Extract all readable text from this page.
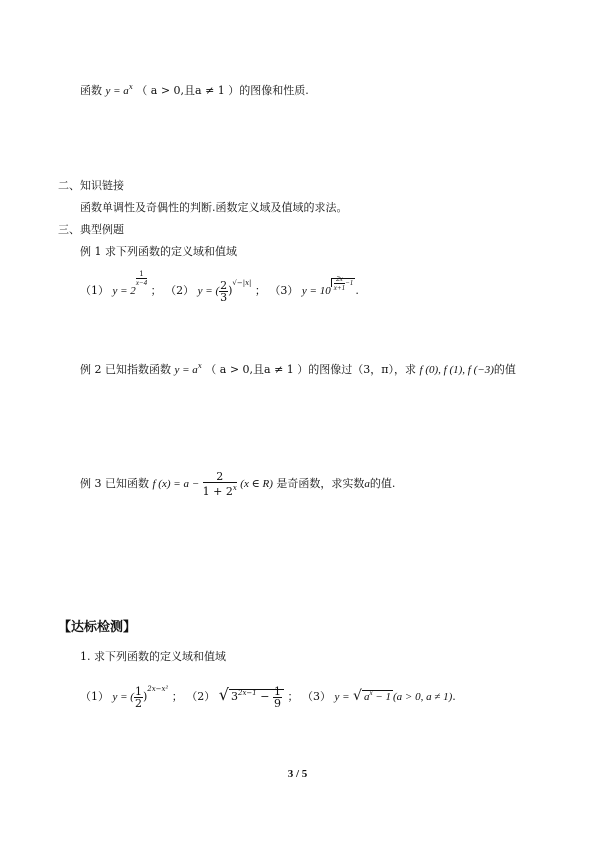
函数 $y = a^x$ （ a > 0,且a ≠ 1 ）的图像和性质.
二、知识链接
函数单调性及奇偶性的判断.函数定义域及值域的求法。
三、典型例题
例 1 求下列函数的定义域和值域
（1） y = 2
$\frac{1}{x-4}$
； （2） y = ( $\frac{2}{3} )^{√-|x|}$ ； （3） y = 10 $^{\frac{2x}{x+1} -1}$.
例 2 已知指数函数 $y = a^x$ （ a > 0,且a ≠ 1 ）的图像过（3，π），求 f (0), f (1), f (−3)的值
例 3 已知函数 f $(x) = a - \frac{2}{1 + 2^x} (x$ ∈ R) 是奇函数，求实数a的值.
【达标检测】
1. 求下列函数的定义域和值域
（1） y = ( $\frac{1}{2} )^{2x-x^2}$ ； （2） √ $3^{2x-1} - \frac{1}{9}$ ； （3） y = √ $a^x - 1$ (a > 0, a ≠ 1).
3 / 5
